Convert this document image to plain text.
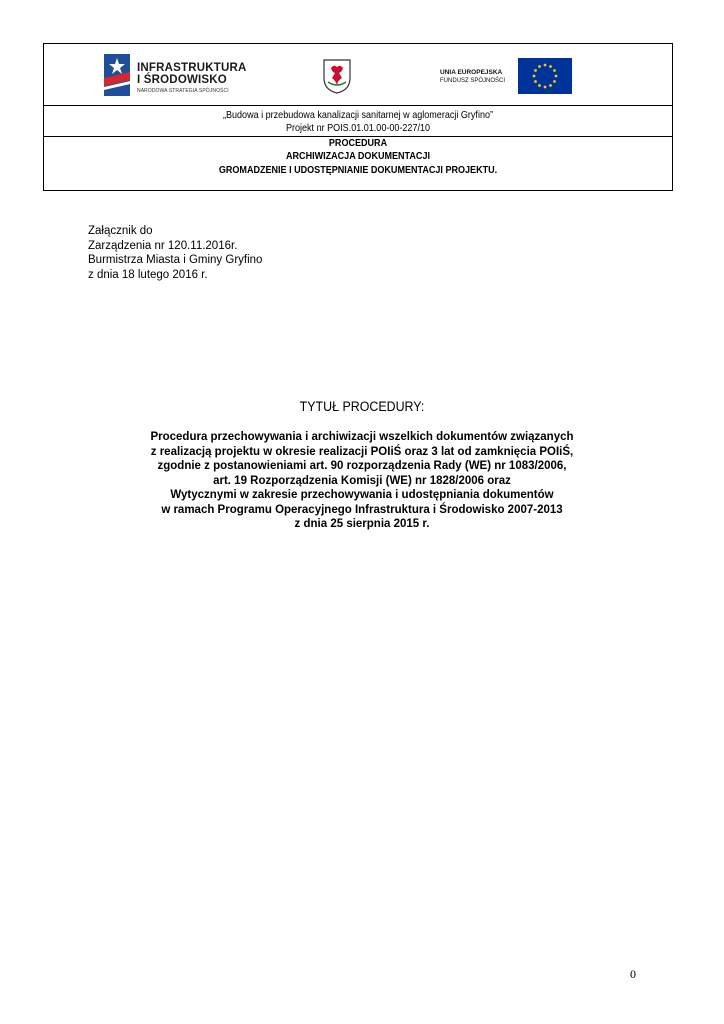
INFRASTRUKTURA
I ŚRODOWISKO
NARODOWA STRATEGIA SPÓJNOŚCI
UNIA EUROPEJSKA
FUNDUSZ SPÓJNOŚCI
„Budowa i przebudowa kanalizacji sanitarnej w aglomeracji Gryfino”
Projekt nr POIS.01.01.00-00-227/10
PROCEDURA
ARCHIWIZACJA DOKUMENTACJI
GROMADZENIE I UDOSTĘPNIANIE DOKUMENTACJI PROJEKTU.
Załącznik do
Zarządzenia nr 120.11.2016r.
Burmistrza Miasta i Gminy Gryfino
z dnia 18 lutego 2016 r.
TYTUŁ PROCEDURY:
Procedura przechowywania i archiwizacji wszelkich dokumentów związanych
z realizacją projektu w okresie realizacji POIiŚ oraz 3 lat od zamknięcia POIiŚ,
zgodnie z postanowieniami art. 90 rozporządzenia Rady (WE) nr 1083/2006,
art. 19 Rozporządzenia Komisji (WE) nr 1828/2006 oraz
Wytycznymi w zakresie przechowywania i udostępniania dokumentów
w ramach Programu Operacyjnego Infrastruktura i Środowisko 2007-2013
z dnia 25 sierpnia 2015 r.
0
